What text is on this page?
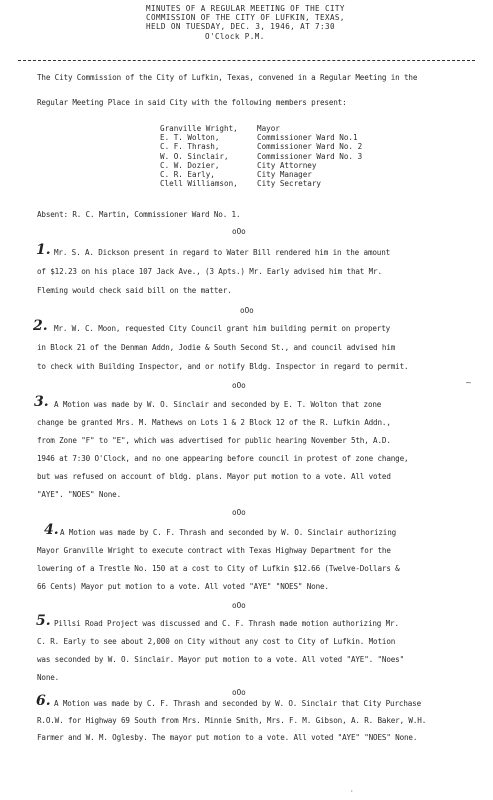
MINUTES OF A REGULAR MEETING OF THE CITY
COMMISSION OF THE CITY OF LUFKIN, TEXAS,
HELD ON TUESDAY, DEC. 3, 1946, AT 7:30
O'Clock P.M.
The City Commission of the City of Lufkin, Texas, convened in a Regular Meeting in the
Regular Meeting Place in said City with the following members present:
Granville Wright,
E. T. Wolton,
C. F. Thrash,
W. O. Sinclair,
C. W. Dozier,
C. R. Early,
Clell Williamson,
Mayor
Commissioner Ward No.1
Commissioner Ward No. 2
Commissioner Ward No. 3
City Attorney
City Manager
City Secretary
Absent: R. C. Martin, Commissioner Ward No. 1.
oOo
1. Mr. S. A. Dickson present in regard to Water Bill rendered him in the amount
of $12.23 on his place 107 Jack Ave., (3 Apts.) Mr. Early advised him that Mr.
Fleming would check said bill on the matter.
oOo
2. Mr. W. C. Moon, requested City Council grant him building permit on property
in Block 21 of the Denman Addn, Jodie & South Second St., and council advised him
to check with Building Inspector, and or notify Bldg. Inspector in regard to permit.
oOo	—
3. A Motion was made by W. O. Sinclair and seconded by E. T. Wolton that zone
change be granted Mrs. M. Mathews on Lots 1 & 2 Block 12 of the R. Lufkin Addn.,
from Zone "F" to "E", which was advertised for public hearing November 5th, A.D.
1946 at 7:30 O'Clock, and no one appearing before council in protest of zone change,
but was refused on account of bldg. plans. Mayor put motion to a vote. All voted
"AYE". "NOES" None.
oOo
4. A Motion was made by C. F. Thrash and seconded by W. O. Sinclair authorizing
Mayor Granville Wright to execute contract with Texas Highway Department for the
lowering of a Trestle No. 150 at a cost to City of Lufkin $12.66 (Twelve-Dollars &
66 Cents) Mayor put motion to a vote. All voted "AYE" "NOES" None.
oOo
5. Pillsi Road Project was discussed and C. F. Thrash made motion authorizing Mr.
C. R. Early to see about 2,000 on City without any cost to City of Lufkin. Motion
was seconded by W. O. Sinclair. Mayor put motion to a vote. All voted "AYE". "Noes"
None.
oOo
6. A Motion was made by C. F. Thrash and seconded by W. O. Sinclair that City Purchase
R.O.W. for Highway 69 South from Mrs. Minnie Smith, Mrs. F. M. Gibson, A. R. Baker, W.H.
Farmer and W. M. Oglesby. The mayor put motion to a vote. All voted "AYE" "NOES" None.
·
